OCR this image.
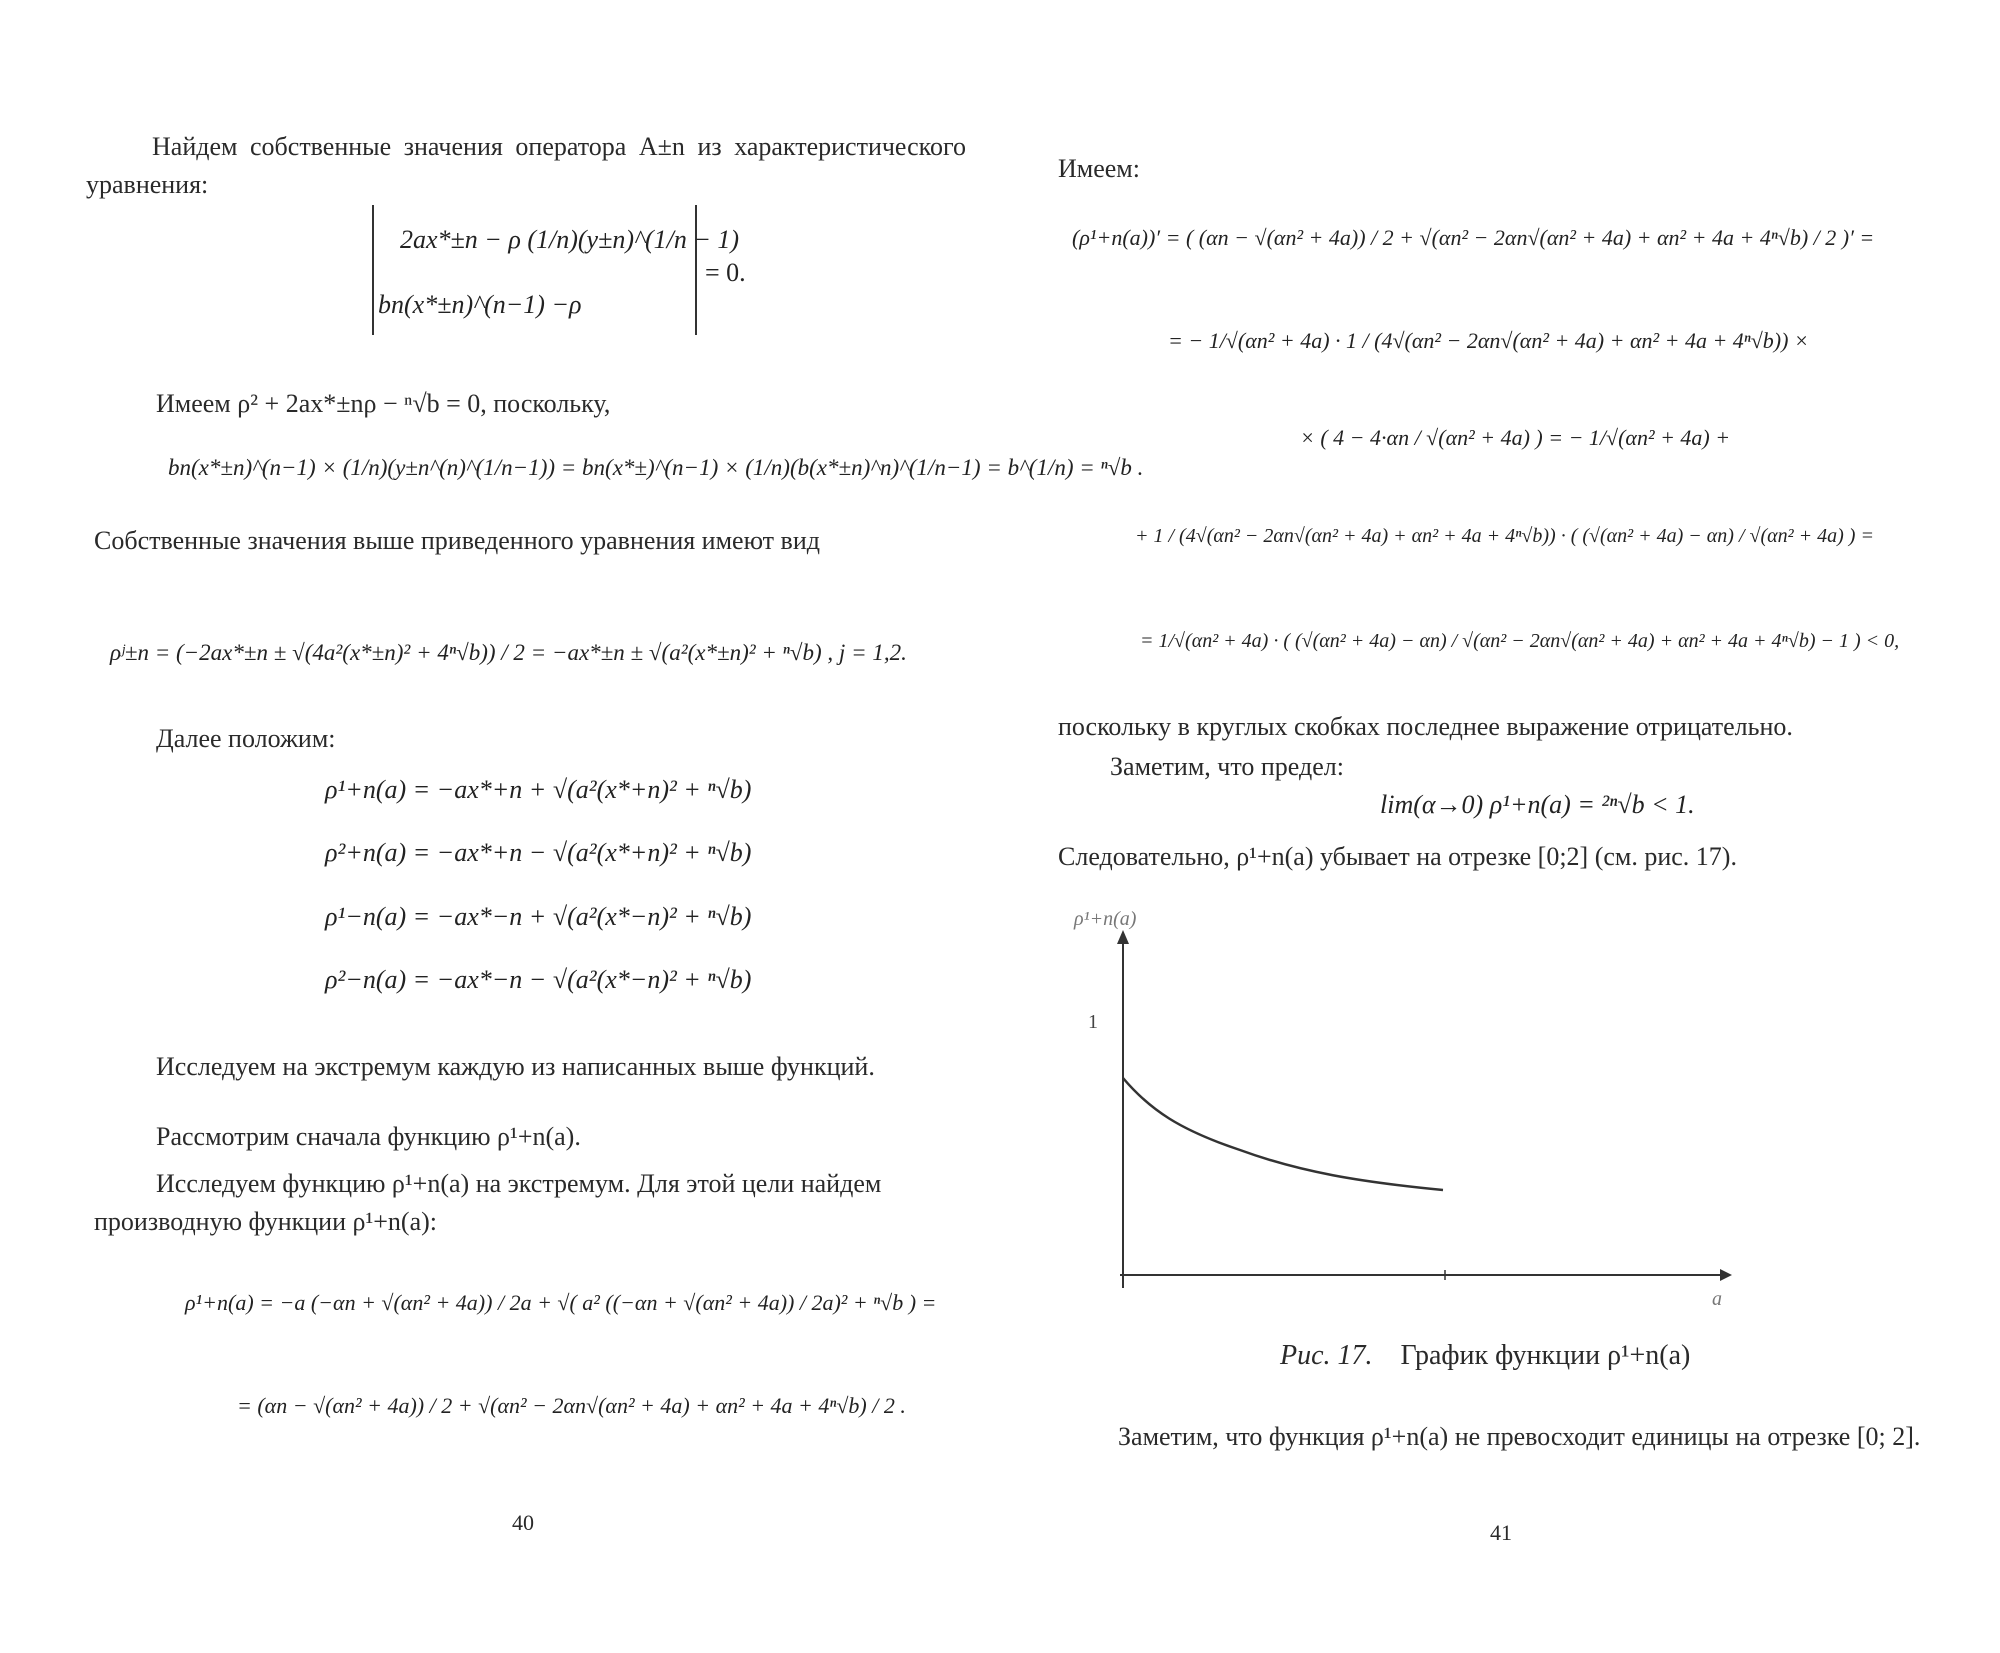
Найдем собственные значения оператора A±n из характеристического уравнения:

2ax*±n − ρ (1/n)(y±n)^(1/n − 1)
bn(x*±n)^(n−1) −ρ
= 0.

Имеем ρ² + 2ax*±nρ − ⁿ√b = 0, поскольку,

bn(x*±n)^(n−1) × (1/n)(y±n^(n)^(1/n−1)) = bn(x*±)^(n−1) × (1/n)(b(x*±n)^n)^(1/n−1) = b^(1/n) = ⁿ√b .

Собственные значения выше приведенного уравнения имеют вид

ρʲ±n = (−2ax*±n ± √(4a²(x*±n)² + 4ⁿ√b)) / 2 = −ax*±n ± √(a²(x*±n)² + ⁿ√b) , j = 1,2.

Далее положим:

ρ¹+n(a) = −ax*+n + √(a²(x*+n)² + ⁿ√b)
ρ²+n(a) = −ax*+n − √(a²(x*+n)² + ⁿ√b)
ρ¹−n(a) = −ax*−n + √(a²(x*−n)² + ⁿ√b)
ρ²−n(a) = −ax*−n − √(a²(x*−n)² + ⁿ√b)

Исследуем на экстремум каждую из написанных выше функций.

Рассмотрим сначала функцию ρ¹+n(a).

Исследуем функцию ρ¹+n(a) на экстремум. Для этой цели найдем производную функции ρ¹+n(a):

ρ¹+n(a) = −a (−αn + √(αn² + 4a)) / 2a + √( a² ((−αn + √(αn² + 4a)) / 2a)² + ⁿ√b ) =
= (αn − √(αn² + 4a)) / 2 + √(αn² − 2αn√(αn² + 4a) + αn² + 4a + 4ⁿ√b) / 2 .
40

Имеем:

(ρ¹+n(a))′ = ( (αn − √(αn² + 4a)) / 2 + √(αn² − 2αn√(αn² + 4a) + αn² + 4a + 4ⁿ√b) / 2 )′ =
= − 1/√(αn² + 4a) · 1 / (4√(αn² − 2αn√(αn² + 4a) + αn² + 4a + 4ⁿ√b)) ×
× ( 4 − 4·αn / √(αn² + 4a) ) = − 1/√(αn² + 4a) +
+ 1 / (4√(αn² − 2αn√(αn² + 4a) + αn² + 4a + 4ⁿ√b)) · ( (√(αn² + 4a) − αn) / √(αn² + 4a) ) =
= 1/√(αn² + 4a) · ( (√(αn² + 4a) − αn) / √(αn² − 2αn√(αn² + 4a) + αn² + 4a + 4ⁿ√b) − 1 ) < 0,

поскольку в круглых скобках последнее выражение отрицательно.

Заметим, что предел:

lim(α→0) ρ¹+n(a) = ²ⁿ√b < 1.

Следовательно, ρ¹+n(a) убывает на отрезке [0;2] (см. рис. 17).

ρ¹+n(a)
1
a
Рис. 17. График функции ρ¹+n(a)

Заметим, что функция ρ¹+n(a) не превосходит единицы на отрезке [0; 2].

41
